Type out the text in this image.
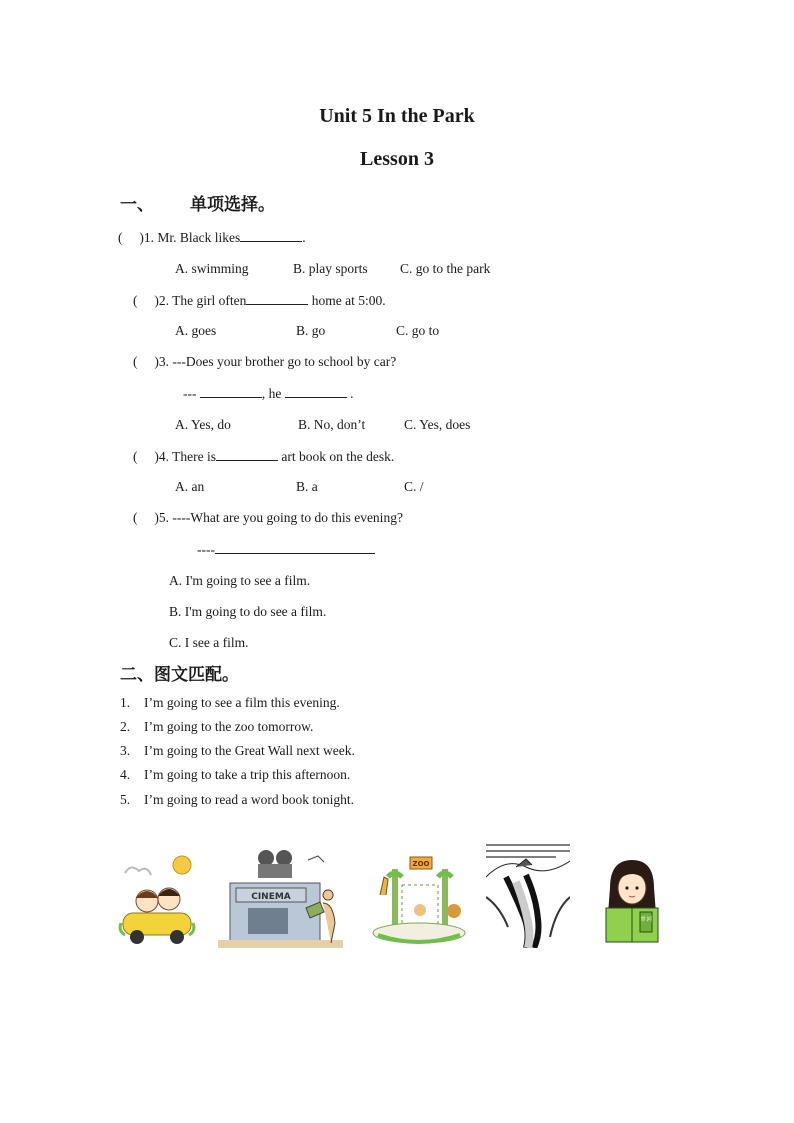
Unit 5 In the Park
Lesson 3
一、 单项选择。
(     )1. Mr. Black likes	.
A. swimming	B. play sports C. go to the park
(     )2. The girl often	home at 5:00.
A. goes	B. go	C. go to
(     )3. ---Does your brother go to school by car?
---	, he	.
A. Yes, do	B. No, don’t	C. Yes, does
(     )4. There is	art book on the desk.
A. an	B. a	C. /
(     )5. ----What are you going to do this evening?
----
A. I'm going to see a film.
B. I'm going to do see a film.
C. I see a film.
二、图文匹配。
1. I’m going to see a film this evening.
2. I’m going to the zoo tomorrow.
3. I’m going to the Great Wall next week.
4. I’m going to take a trip this afternoon.
5. I’m going to read a word book tonight.
CINEMA
ZOO
单词
